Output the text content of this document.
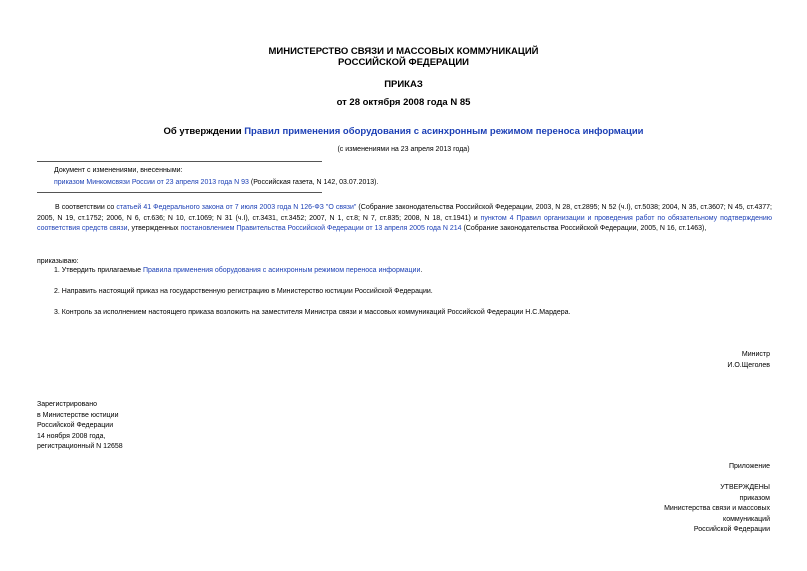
МИНИСТЕРСТВО СВЯЗИ И МАССОВЫХ КОММУНИКАЦИЙ
РОССИЙСКОЙ ФЕДЕРАЦИИ
ПРИКАЗ
от 28 октября 2008 года N 85
Об утверждении Правил применения оборудования с асинхронным режимом переноса информации
(с изменениями на 23 апреля 2013 года)
Документ с изменениями, внесенными:
приказом Минкомсвязи России от 23 апреля 2013 года N 93 (Российская газета, N 142, 03.07.2013).
В соответствии со статьей 41 Федерального закона от 7 июля 2003 года N 126-ФЗ "О связи" (Собрание законодательства Российской Федерации, 2003, N 28, ст.2895; N 52 (ч.I), ст.5038; 2004, N 35, ст.3607; N 45, ст.4377; 2005, N 19, ст.1752; 2006, N 6, ст.636; N 10, ст.1069; N 31 (ч.I), ст.3431, ст.3452; 2007, N 1, ст.8; N 7, ст.835; 2008, N 18, ст.1941) и пунктом 4 Правил организации и проведения работ по обязательному подтверждению соответствия средств связи, утвержденных постановлением Правительства Российской Федерации от 13 апреля 2005 года N 214 (Собрание законодательства Российской Федерации, 2005, N 16, ст.1463),
приказываю:
1. Утвердить прилагаемые Правила применения оборудования с асинхронным режимом переноса информации.
2. Направить настоящий приказ на государственную регистрацию в Министерство юстиции Российской Федерации.
3. Контроль за исполнением настоящего приказа возложить на заместителя Министра связи и массовых коммуникаций Российской Федерации Н.С.Мардера.
Министр
И.О.Щеголев
Зарегистрировано
в Министерстве юстиции
Российской Федерации
14 ноября 2008 года,
регистрационный N 12658
Приложение
УТВЕРЖДЕНЫ
приказом
Министерства связи и массовых
коммуникаций
Российской Федерации
